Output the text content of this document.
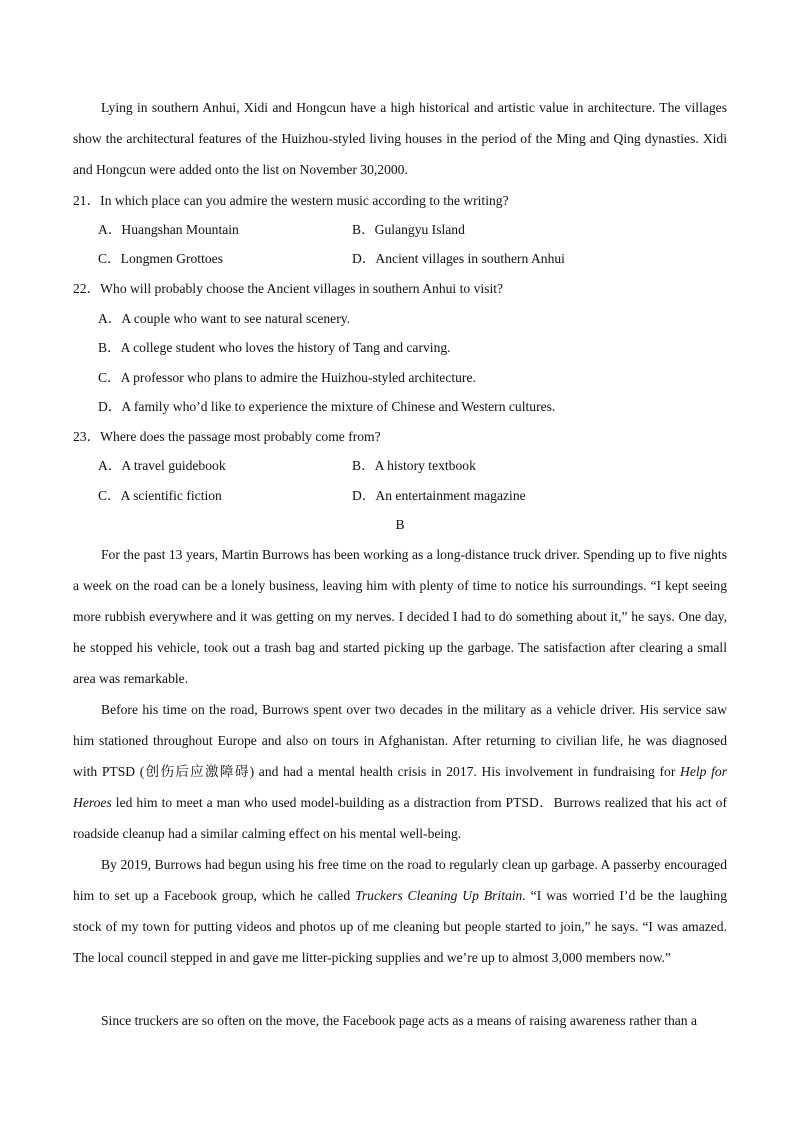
Lying in southern Anhui, Xidi and Hongcun have a high historical and artistic value in architecture. The villages show the architectural features of the Huizhou-styled living houses in the period of the Ming and Qing dynasties. Xidi and Hongcun were added onto the list on November 30,2000.

21．In which place can you admire the western music according to the writing?
A．Huangshan Mountain	B．Gulangyu Island
C．Longmen Grottoes	D．Ancient villages in southern Anhui
22．Who will probably choose the Ancient villages in southern Anhui to visit?
A．A couple who want to see natural scenery.
B．A college student who loves the history of Tang and carving.
C．A professor who plans to admire the Huizhou-styled architecture.
D．A family who’d like to experience the mixture of Chinese and Western cultures.
23．Where does the passage most probably come from?
A．A travel guidebook	B．A history textbook
C．A scientific fiction	D．An entertainment magazine
B

For the past 13 years, Martin Burrows has been working as a long-distance truck driver. Spending up to five nights a week on the road can be a lonely business, leaving him with plenty of time to notice his surroundings. “I kept seeing more rubbish everywhere and it was getting on my nerves. I decided I had to do something about it,” he says. One day, he stopped his vehicle, took out a trash bag and started picking up the garbage. The satisfaction after clearing a small area was remarkable.

Before his time on the road, Burrows spent over two decades in the military as a vehicle driver. His service saw him stationed throughout Europe and also on tours in Afghanistan. After returning to civilian life, he was diagnosed with PTSD (创伤后应激障碍) and had a mental health crisis in 2017. His involvement in fundraising for Help for Heroes led him to meet a man who used model-building as a distraction from PTSD．Burrows realized that his act of roadside cleanup had a similar calming effect on his mental well-being.

By 2019, Burrows had begun using his free time on the road to regularly clean up garbage. A passerby encouraged him to set up a Facebook group, which he called Truckers Cleaning Up Britain. “I was worried I’d be the laughing stock of my town for putting videos and photos up of me cleaning but people started to join,” he says. “I was amazed. The local council stepped in and gave me litter-picking supplies and we’re up to almost 3,000 members now.”

Since truckers are so often on the move, the Facebook page acts as a means of raising awareness rather than a
